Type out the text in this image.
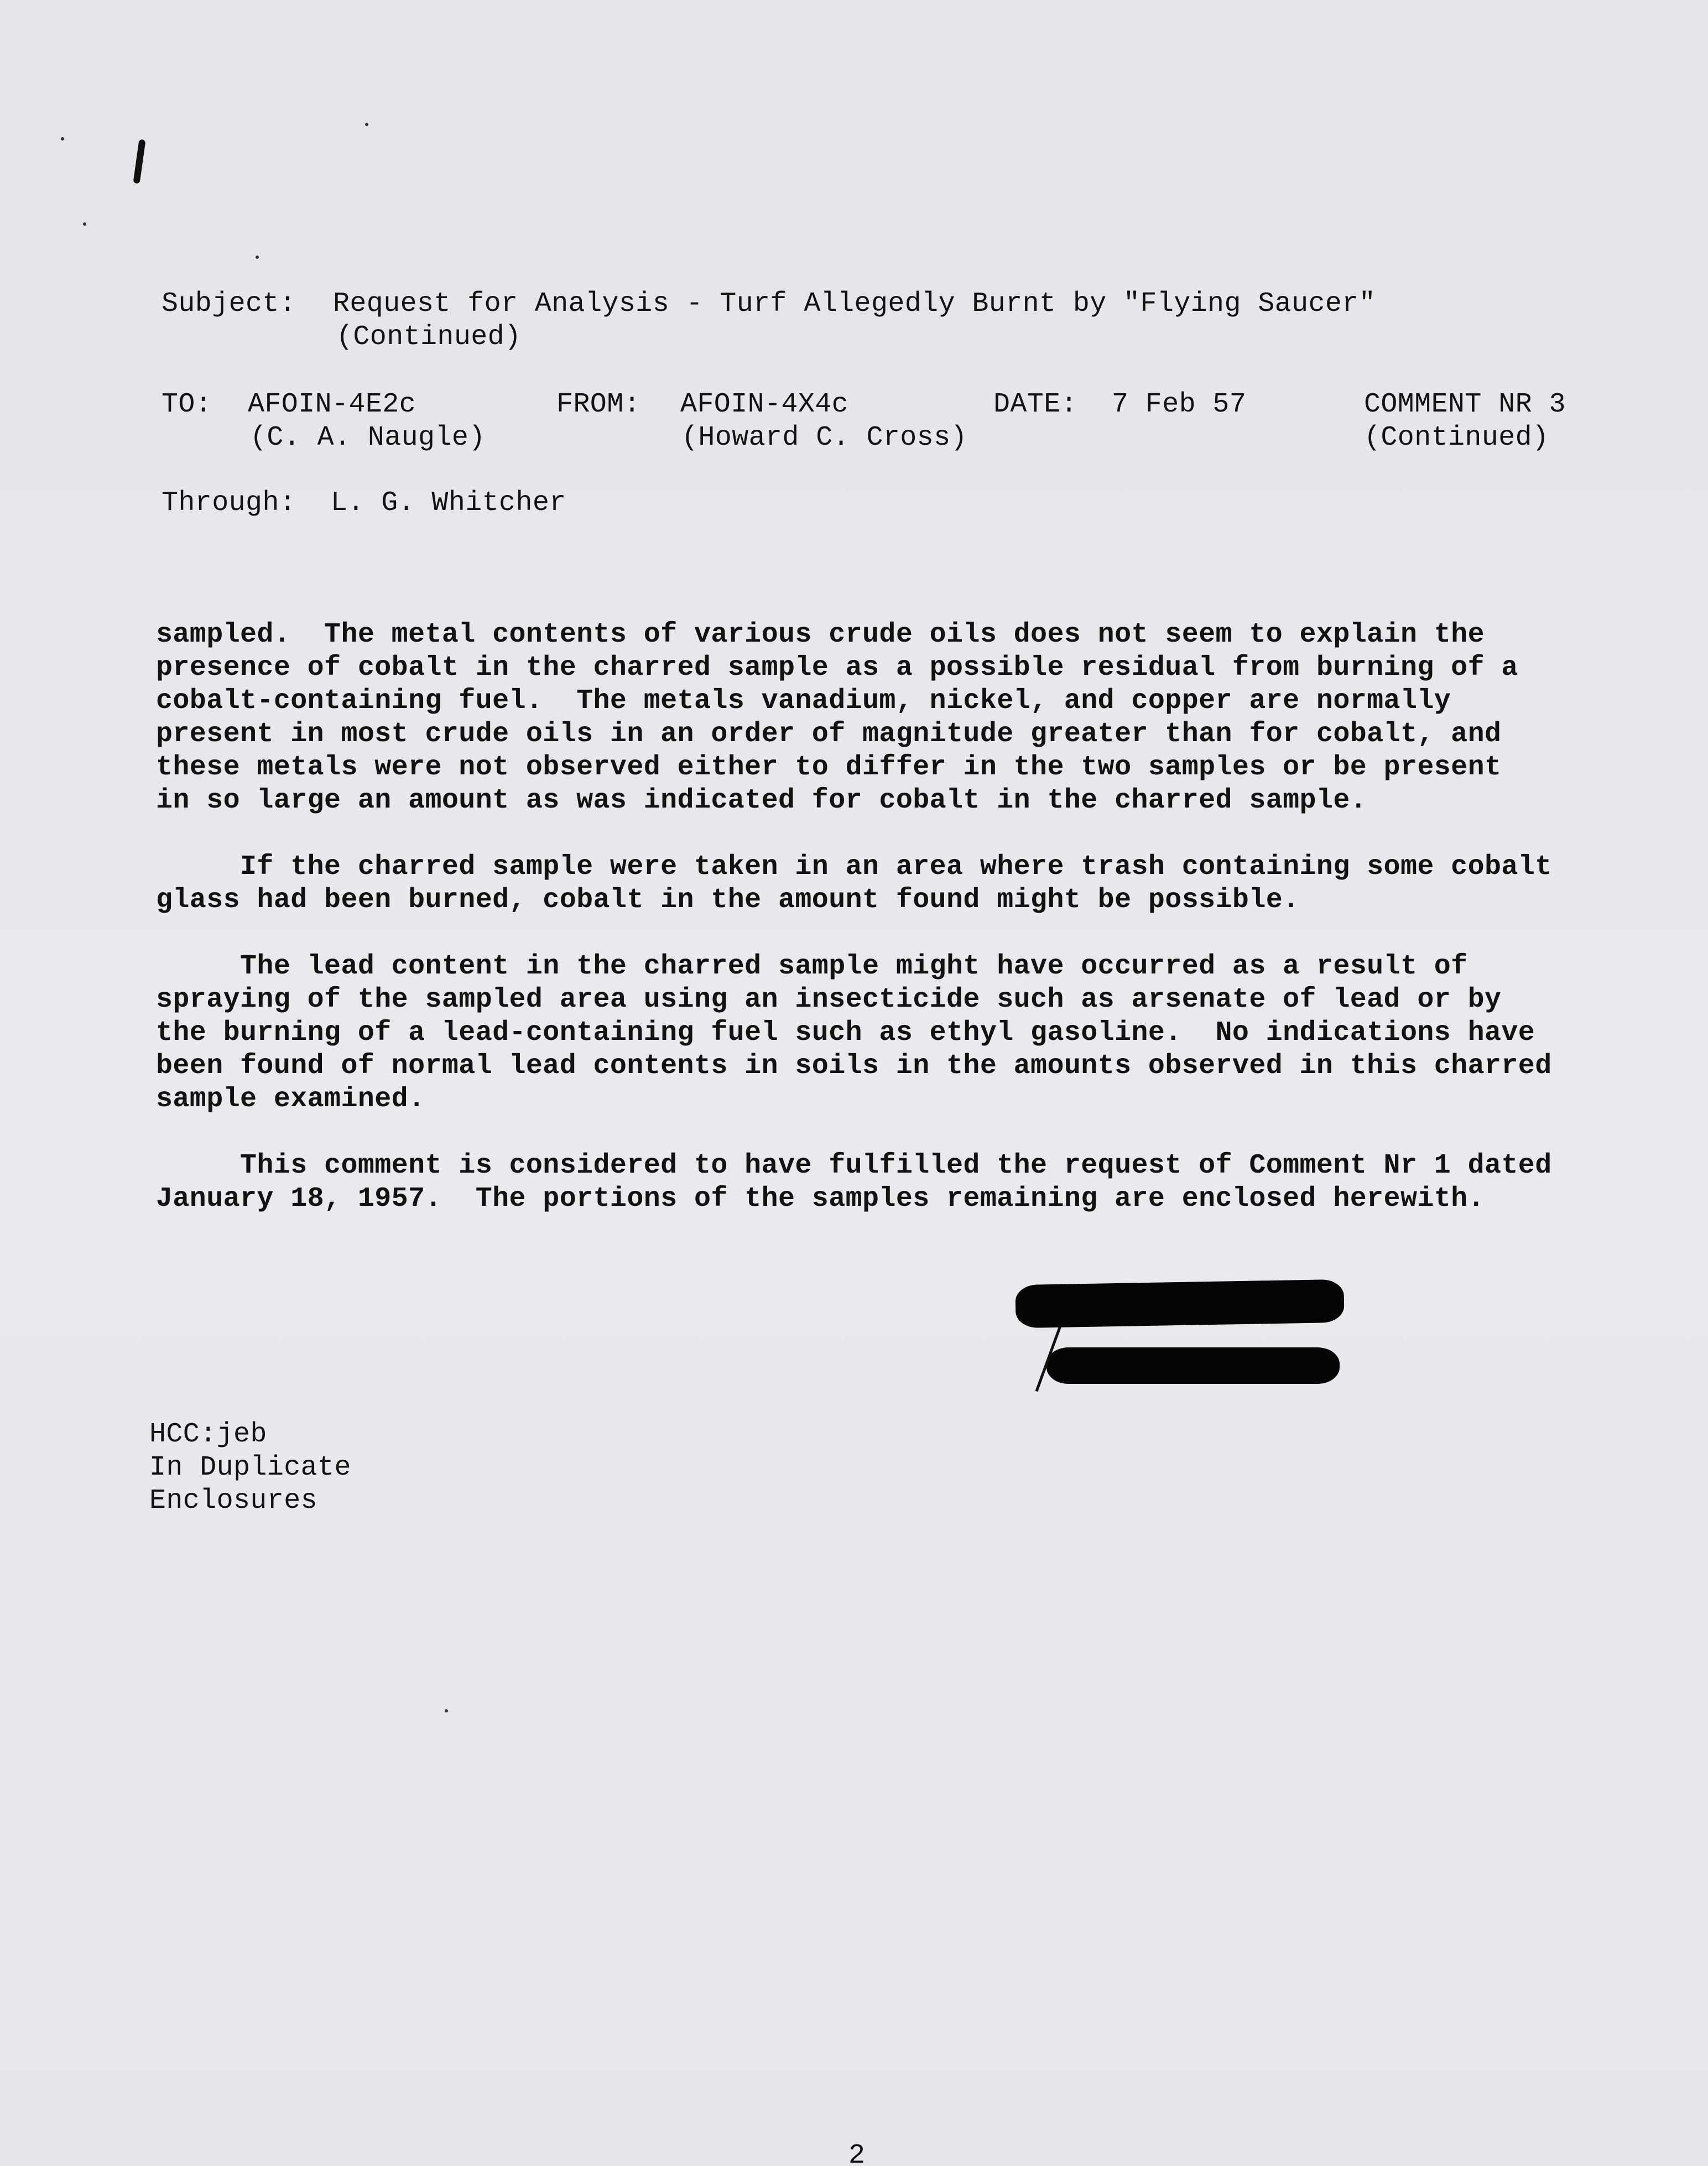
Subject: Request for Analysis - Turf Allegedly Burnt by "Flying Saucer"
(Continued)
TO: AFOIN-4E2c
(C. A. Naugle)
FROM: AFOIN-4X4c
(Howard C. Cross)
DATE: 7 Feb 57	COMMENT NR 3
(Continued)
Through: L. G. Whitcher
sampled.  The metal contents of various crude oils does not seem to explain the
presence of cobalt in the charred sample as a possible residual from burning of a
cobalt-containing fuel.  The metals vanadium, nickel, and copper are normally
present in most crude oils in an order of magnitude greater than for cobalt, and
these metals were not observed either to differ in the two samples or be present
in so large an amount as was indicated for cobalt in the charred sample.
If the charred sample were taken in an area where trash containing some cobalt
glass had been burned, cobalt in the amount found might be possible.
The lead content in the charred sample might have occurred as a result of
spraying of the sampled area using an insecticide such as arsenate of lead or by
the burning of a lead-containing fuel such as ethyl gasoline.  No indications have
been found of normal lead contents in soils in the amounts observed in this charred
sample examined.
This comment is considered to have fulfilled the request of Comment Nr 1 dated
January 18, 1957.  The portions of the samples remaining are enclosed herewith.
HCC:jeb
In Duplicate
Enclosures
2
